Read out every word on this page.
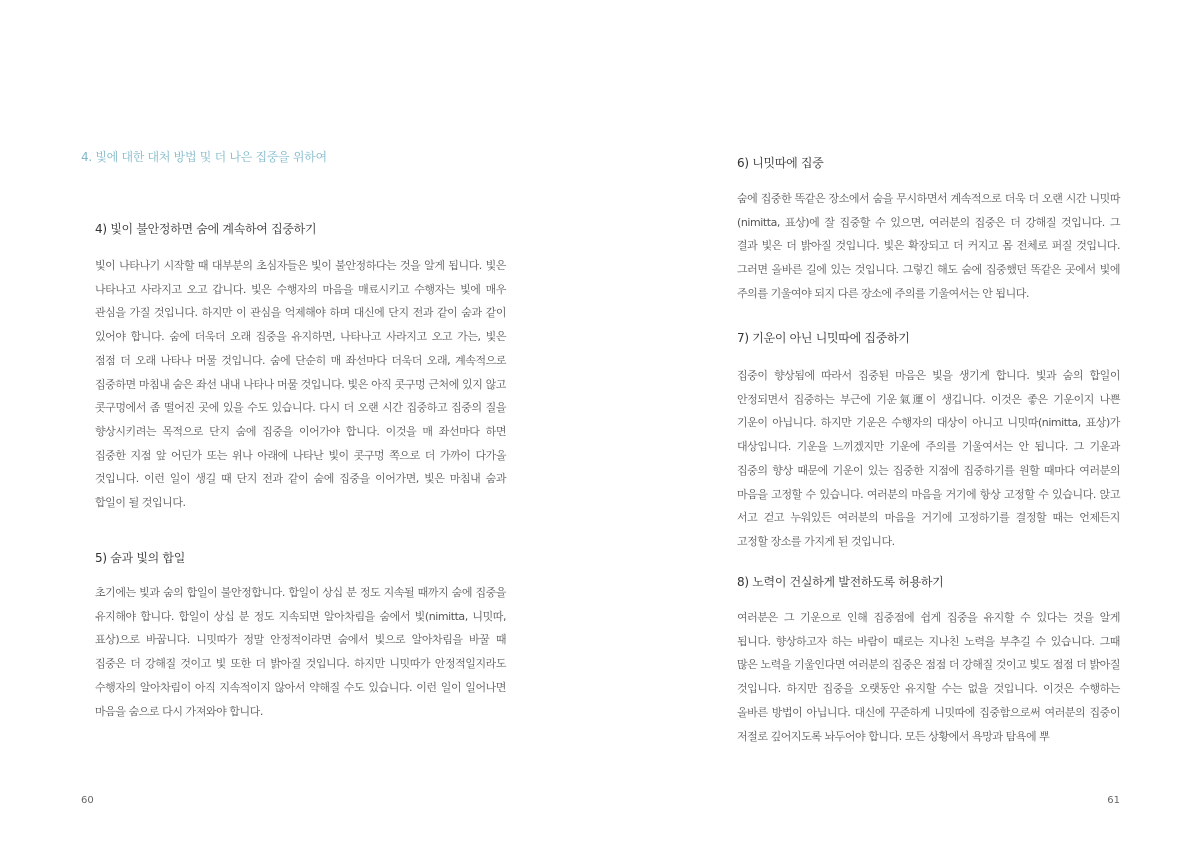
4. 빛에 대한 대처 방법 및 더 나은 집중을 위하여
4) 빛이 불안정하면 숨에 계속하여 집중하기

빛이 나타나기 시작할 때 대부분의 초심자들은 빛이 불안정하다는 것을 알게 됩니다. 빛은 나타나고 사라지고 오고 갑니다. 빛은 수행자의 마음을 매료시키고 수행자는 빛에 매우 관심을 가질 것입니다. 하지만 이 관심을 억제해야 하며 대신에 단지 전과 같이 숨과 같이 있어야 합니다. 숨에 더욱더 오래 집중을 유지하면, 나타나고 사라지고 오고 가는, 빛은 점점 더 오래 나타나 머물 것입니다. 숨에 단순히 매 좌선마다 더욱더 오래, 계속적으로 집중하면 마침내 숨은 좌선 내내 나타나 머물 것입니다. 빛은 아직 콧구멍 근처에 있지 않고 콧구멍에서 좀 떨어진 곳에 있을 수도 있습니다. 다시 더 오랜 시간 집중하고 집중의 질을 향상시키려는 목적으로 단지 숨에 집중을 이어가야 합니다. 이것을 매 좌선마다 하면 집중한 지점 앞 어딘가 또는 위나 아래에 나타난 빛이 콧구멍 쪽으로 더 가까이 다가올 것입니다. 이런 일이 생길 때 단지 전과 같이 숨에 집중을 이어가면, 빛은 마침내 숨과 합일이 될 것입니다.

5) 숨과 빛의 합일

초기에는 빛과 숨의 합일이 불안정합니다. 합일이 상십 분 정도 지속될 때까지 숨에 집중을 유지해야 합니다. 합일이 상십 분 정도 지속되면 알아차림을 숨에서 빛(nimitta, 니밋따, 표상)으로 바꿉니다. 니밋따가 정말 안정적이라면 숨에서 빛으로 알아차림을 바꿀 때 집중은 더 강해질 것이고 빛 또한 더 밝아질 것입니다. 하지만 니밋따가 안정적일지라도 수행자의 알아차림이 아직 지속적이지 않아서 약해질 수도 있습니다. 이런 일이 일어나면 마음을 숨으로 다시 가져와야 합니다.

60
6) 니밋따에 집중

숨에 집중한 똑같은 장소에서 숨을 무시하면서 계속적으로 더욱 더 오랜 시간 니밋따(nimitta, 표상)에 잘 집중할 수 있으면, 여러분의 집중은 더 강해질 것입니다. 그 결과 빛은 더 밝아질 것입니다. 빛은 확장되고 더 커지고 몸 전체로 퍼질 것입니다. 그러면 올바른 길에 있는 것입니다. 그렇긴 해도 숨에 집중했던 똑같은 곳에서 빛에 주의를 기울여야 되지 다른 장소에 주의를 기울여서는 안 됩니다.

7) 기운이 아닌 니밋따에 집중하기

집중이 향상됨에 따라서 집중된 마음은 빛을 생기게 합니다. 빛과 숨의 합일이 안정되면서 집중하는 부근에 기운氣運이 생깁니다. 이것은 좋은 기운이지 나쁜 기운이 아닙니다. 하지만 기운은 수행자의 대상이 아니고 니밋따(nimitta, 표상)가 대상입니다. 기운을 느끼겠지만 기운에 주의를 기울여서는 안 됩니다. 그 기운과 집중의 향상 때문에 기운이 있는 집중한 지점에 집중하기를 원할 때마다 여러분의 마음을 고정할 수 있습니다. 여러분의 마음을 거기에 항상 고정할 수 있습니다. 앉고 서고 걷고 누워있든 여러분의 마음을 거기에 고정하기를 결정할 때는 언제든지 고정할 장소를 가지게 된 것입니다.

8) 노력이 건실하게 발전하도록 허용하기

여러분은 그 기운으로 인해 집중점에 쉽게 집중을 유지할 수 있다는 것을 알게 됩니다. 향상하고자 하는 바람이 때로는 지나친 노력을 부추길 수 있습니다. 그때 많은 노력을 기울인다면 여러분의 집중은 점점 더 강해질 것이고 빛도 점점 더 밝아질 것입니다. 하지만 집중을 오랫동안 유지할 수는 없을 것입니다. 이것은 수행하는 올바른 방법이 아닙니다. 대신에 꾸준하게 니밋따에 집중함으로써 여러분의 집중이 저절로 깊어지도록 놔두어야 합니다. 모든 상황에서 욕망과 탐욕에 뿌

61
